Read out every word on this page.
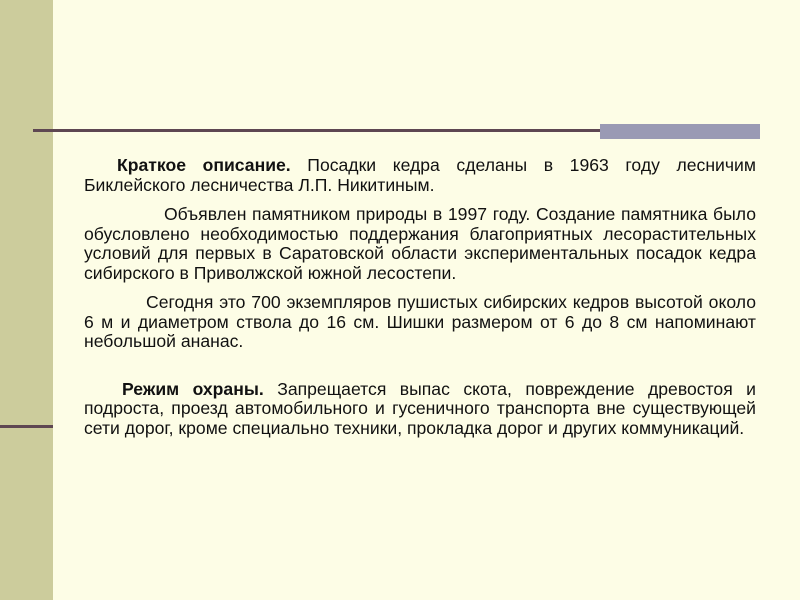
Краткое описание. Посадки кедра сделаны в 1963 году лесничим Биклейского лесничества Л.П. Никитиным.

Объявлен памятником природы в 1997 году. Создание памятника было обусловлено необходимостью поддержания благоприятных лесорастительных условий для первых в Саратовской области экспериментальных посадок кедра сибирского в Приволжской южной лесостепи.

Сегодня это 700 экземпляров пушистых сибирских кедров высотой около 6 м и диаметром ствола до 16 см. Шишки размером от 6 до 8 см напоминают небольшой ананас.

Режим охраны. Запрещается выпас скота, повреждение древостоя и подроста, проезд автомобильного и гусеничного транспорта вне существующей сети дорог, кроме специально техники, прокладка дорог и других коммуникаций.
